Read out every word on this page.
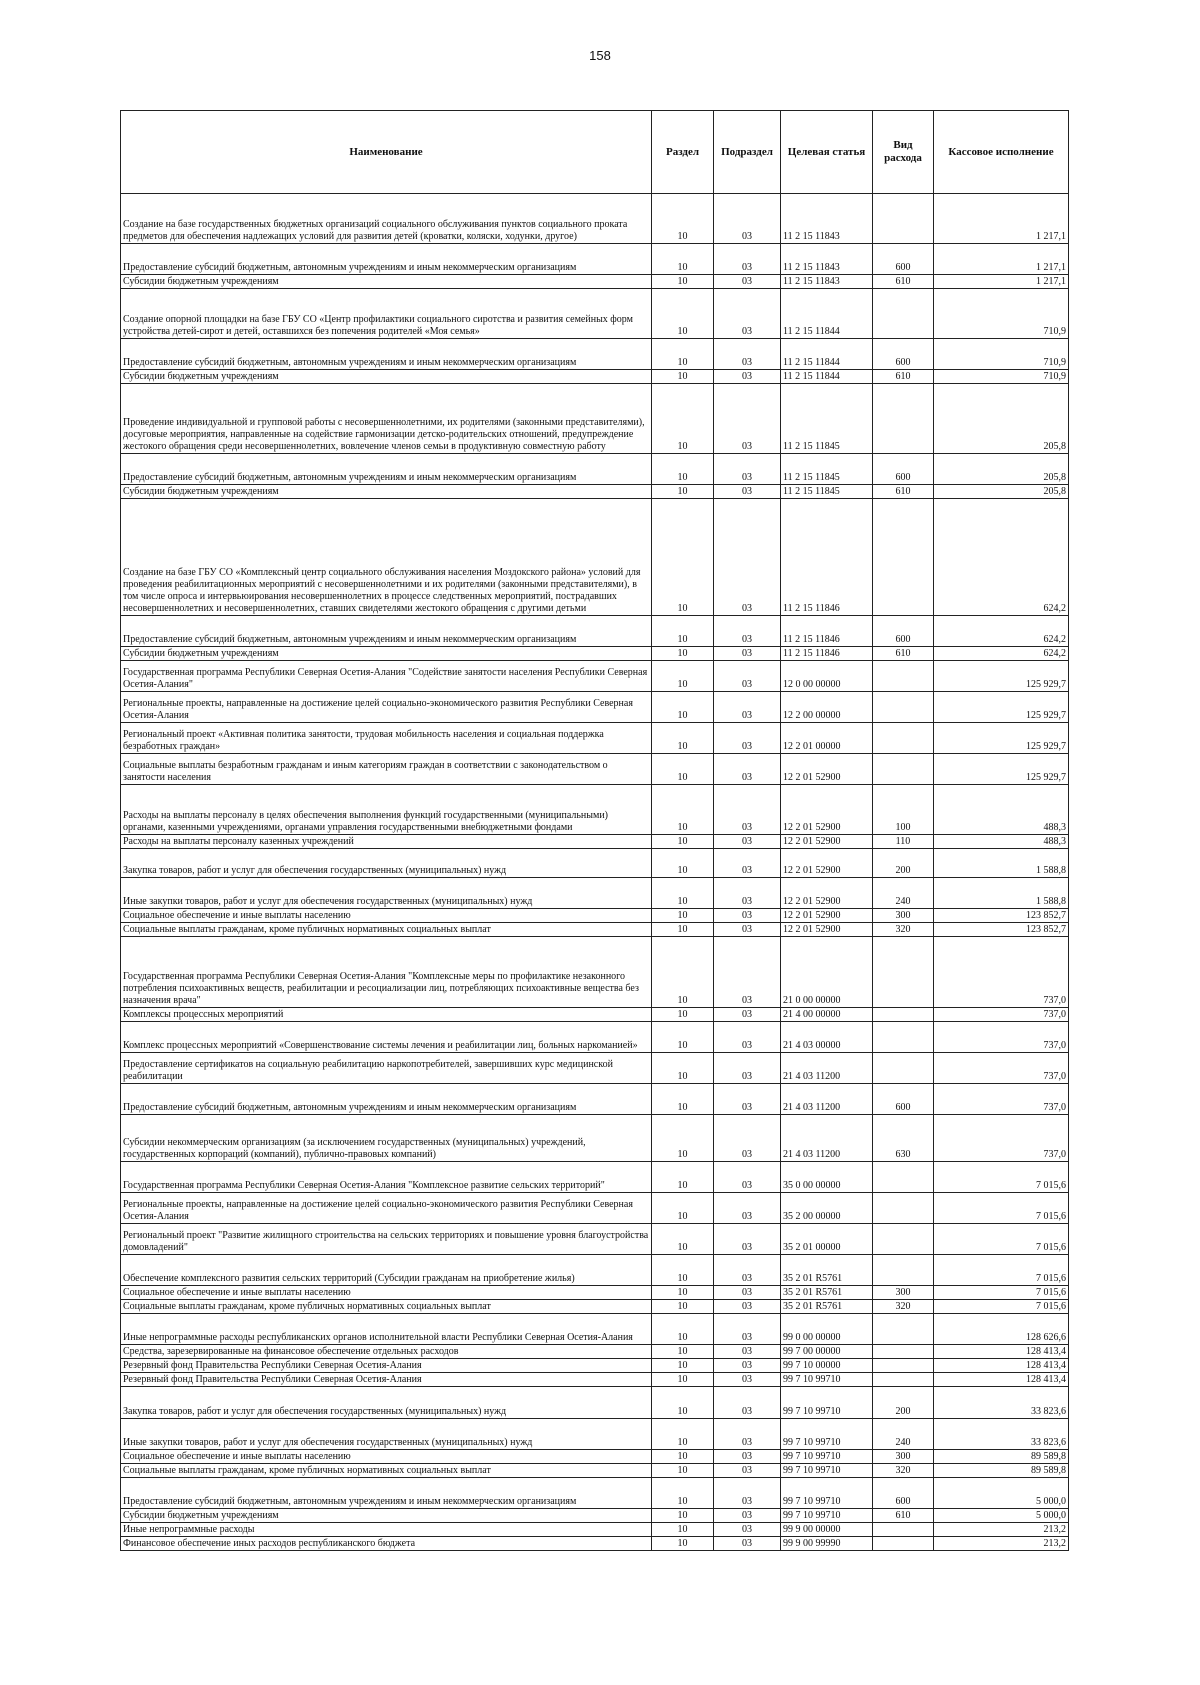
158
Наименование	Раздел	Подраздел	Целевая статья	Вид расхода	Кассовое исполнение
Создание на базе государственных бюджетных организаций социального обслуживания пунктов социального проката предметов для обеспечения надлежащих условий для развития детей (кроватки, коляски, ходунки, другое)	10	03	11 2 15 11843		1 217,1
Предоставление субсидий бюджетным, автономным учреждениям и иным некоммерческим организациям	10	03	11 2 15 11843	600	1 217,1
Субсидии бюджетным учреждениям	10	03	11 2 15 11843	610	1 217,1
Создание опорной площадки на базе ГБУ СО «Центр профилактики социального сиротства и развития семейных форм устройства детей-сирот и детей, оставшихся без попечения родителей «Моя семья»	10	03	11 2 15 11844		710,9
Предоставление субсидий бюджетным, автономным учреждениям и иным некоммерческим организациям	10	03	11 2 15 11844	600	710,9
Субсидии бюджетным учреждениям	10	03	11 2 15 11844	610	710,9
Проведение индивидуальной и групповой работы с несовершеннолетними, их родителями (законными представителями), досуговые мероприятия, направленные на содействие гармонизации детско-родительских отношений, предупреждение жестокого обращения среди несовершеннолетних, вовлечение членов семьи в продуктивную совместную работу	10	03	11 2 15 11845		205,8
Предоставление субсидий бюджетным, автономным учреждениям и иным некоммерческим организациям	10	03	11 2 15 11845	600	205,8
Субсидии бюджетным учреждениям	10	03	11 2 15 11845	610	205,8
Создание на базе ГБУ СО «Комплексный центр социального обслуживания населения Моздокского района» условий для проведения реабилитационных мероприятий с несовершеннолетними и их родителями (законными представителями), в том числе опроса и интервьюирования несовершеннолетних в процессе следственных мероприятий, пострадавших несовершеннолетних и несовершеннолетних, ставших свидетелями жестокого обращения с другими детьми	10	03	11 2 15 11846		624,2
Предоставление субсидий бюджетным, автономным учреждениям и иным некоммерческим организациям	10	03	11 2 15 11846	600	624,2
Субсидии бюджетным учреждениям	10	03	11 2 15 11846	610	624,2
Государственная программа Республики Северная Осетия-Алания "Содействие занятости населения Республики Северная Осетия-Алания"	10	03	12 0 00 00000		125 929,7
Региональные проекты, направленные на достижение целей социально-экономического развития Республики Северная Осетия-Алания	10	03	12 2 00 00000		125 929,7
Региональный проект «Активная политика занятости, трудовая мобильность населения и социальная поддержка безработных граждан»	10	03	12 2 01 00000		125 929,7
Социальные выплаты безработным гражданам и иным категориям граждан в соответствии с законодательством о занятости населения	10	03	12 2 01 52900		125 929,7
Расходы на выплаты персоналу в целях обеспечения выполнения функций государственными (муниципальными) органами, казенными учреждениями, органами управления государственными внебюджетными фондами	10	03	12 2 01 52900	100	488,3
Расходы на выплаты персоналу казенных учреждений	10	03	12 2 01 52900	110	488,3
Закупка товаров, работ и услуг для обеспечения государственных (муниципальных) нужд	10	03	12 2 01 52900	200	1 588,8
Иные закупки товаров, работ и услуг для обеспечения государственных (муниципальных) нужд	10	03	12 2 01 52900	240	1 588,8
Социальное обеспечение и иные выплаты населению	10	03	12 2 01 52900	300	123 852,7
Социальные выплаты гражданам, кроме публичных нормативных социальных выплат	10	03	12 2 01 52900	320	123 852,7
Государственная программа Республики Северная Осетия-Алания "Комплексные меры по профилактике незаконного потребления психоактивных веществ, реабилитации и ресоциализации лиц, потребляющих психоактивные вещества без назначения врача"	10	03	21 0 00 00000		737,0
Комплексы процессных мероприятий	10	03	21 4 00 00000		737,0
Комплекс процессных мероприятий «Совершенствование системы лечения и реабилитации лиц, больных наркоманией»	10	03	21 4 03 00000		737,0
Предоставление сертификатов на социальную реабилитацию наркопотребителей, завершивших курс медицинской реабилитации	10	03	21 4 03 11200		737,0
Предоставление субсидий бюджетным, автономным учреждениям и иным некоммерческим организациям	10	03	21 4 03 11200	600	737,0
Субсидии некоммерческим организациям (за исключением государственных (муниципальных) учреждений, государственных корпораций (компаний), публично-правовых компаний)	10	03	21 4 03 11200	630	737,0
Государственная программа Республики Северная Осетия-Алания "Комплексное развитие сельских территорий"	10	03	35 0 00 00000		7 015,6
Региональные проекты, направленные на достижение целей социально-экономического развития Республики Северная Осетия-Алания	10	03	35 2 00 00000		7 015,6
Региональный проект "Развитие жилищного строительства на сельских территориях и повышение уровня благоустройства домовладений"	10	03	35 2 01 00000		7 015,6
Обеспечение комплексного развития сельских территорий (Субсидии гражданам на приобретение жилья)	10	03	35 2 01 R5761		7 015,6
Социальное обеспечение и иные выплаты населению	10	03	35 2 01 R5761	300	7 015,6
Социальные выплаты гражданам, кроме публичных нормативных социальных выплат	10	03	35 2 01 R5761	320	7 015,6
Иные непрограммные расходы республиканских органов исполнительной власти Республики Северная Осетия-Алания	10	03	99 0 00 00000		128 626,6
Средства, зарезервированные на финансовое обеспечение отдельных расходов	10	03	99 7 00 00000		128 413,4
Резервный фонд Правительства Республики Северная Осетия-Алания	10	03	99 7 10 00000		128 413,4
Резервный фонд Правительства Республики Северная Осетия-Алания	10	03	99 7 10 99710		128 413,4
Закупка товаров, работ и услуг для обеспечения государственных (муниципальных) нужд	10	03	99 7 10 99710	200	33 823,6
Иные закупки товаров, работ и услуг для обеспечения государственных (муниципальных) нужд	10	03	99 7 10 99710	240	33 823,6
Социальное обеспечение и иные выплаты населению	10	03	99 7 10 99710	300	89 589,8
Социальные выплаты гражданам, кроме публичных нормативных социальных выплат	10	03	99 7 10 99710	320	89 589,8
Предоставление субсидий бюджетным, автономным учреждениям и иным некоммерческим организациям	10	03	99 7 10 99710	600	5 000,0
Субсидии бюджетным учреждениям	10	03	99 7 10 99710	610	5 000,0
Иные непрограммные расходы	10	03	99 9 00 00000		213,2
Финансовое обеспечение иных расходов республиканского бюджета	10	03	99 9 00 99990		213,2
